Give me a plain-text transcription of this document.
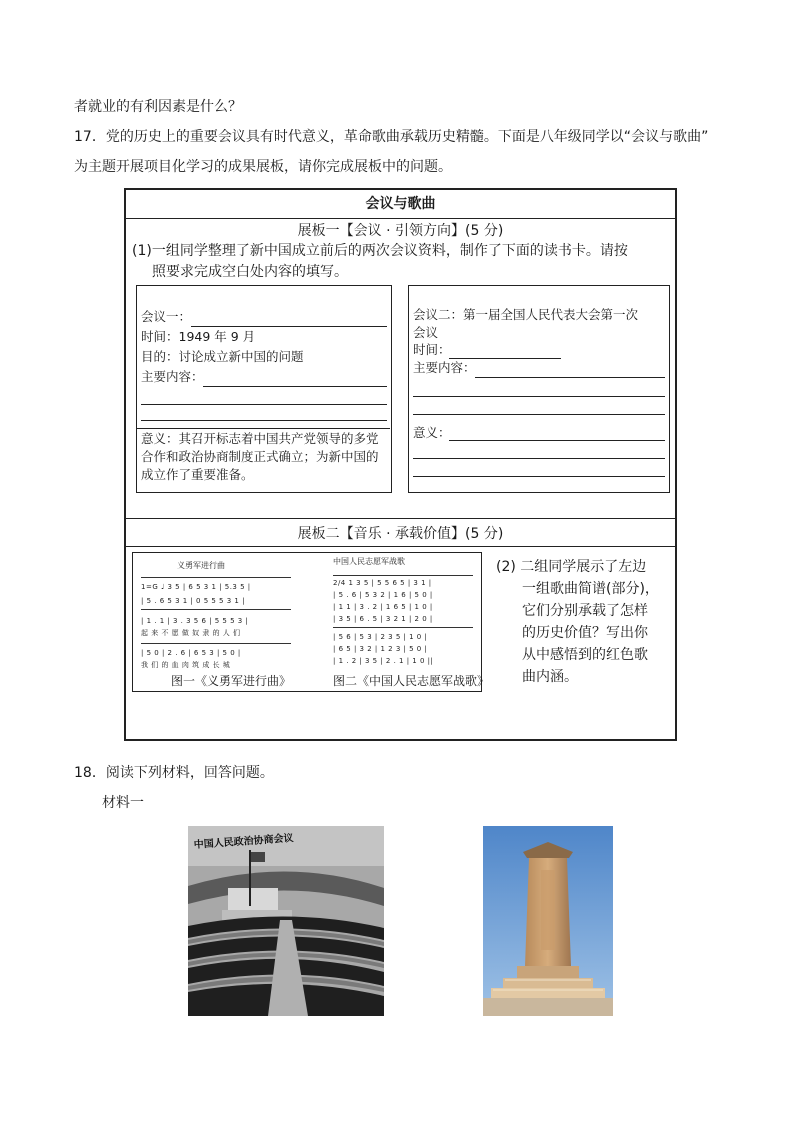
者就业的有利因素是什么？
17．党的历史上的重要会议具有时代意义，革命歌曲承载历史精髓。下面是八年级同学以“会议与歌曲”
为主题开展项目化学习的成果展板，请你完成展板中的问题。
会议与歌曲
展板一【会议 · 引领方向】(5 分)
(1)一组同学整理了新中国成立前后的两次会议资料，制作了下面的读书卡。请按
照要求完成空白处内容的填写。
会议一：
时间：1949 年 9 月
目的：讨论成立新中国的问题
主要内容：
意义：其召开标志着中国共产党领导的多党
合作和政治协商制度正式确立；为新中国的
成立作了重要准备。
会议二：第一届全国人民代表大会第一次
会议
时间：
主要内容：
意义：
展板二【音乐 · 承载价值】(5 分)
义勇军进行曲
1=G ♩ 3 5 | 6 5 3 1 | 5.3 5 |
| 5 . 6 5 3 1 | 0 5 5 5 3 1 |
| 1 . 1 | 3 . 3 5 6 | 5 5 5 3 |
起 来 不 愿 做 奴 隶 的 人 们
| 5 0 | 2 . 6 | 6 5 3 | 5 0 |
我 们 的 血 肉 筑 成 长 城
中国人民志愿军战歌
2/4 1 3 5 | 5 5 6 5 | 3 1 |
| 5 . 6 | 5 3 2 | 1 6 | 5 0 |
| 1 1 | 3 . 2 | 1 6 5 | 1 0 |
| 3 5 | 6 . 5 | 3 2 1 | 2 0 |
| 5 6 | 5 3 | 2 3 5 | 1 0 |
| 6 5 | 3 2 | 1 2 3 | 5 0 |
| 1 . 2 | 3 5 | 2 . 1 | 1 0 ||
图一《义勇军进行曲》	图二《中国人民志愿军战歌》
(2) 二组同学展示了左边
一组歌曲简谱(部分)，
它们分别承载了怎样
的历史价值？写出你
从中感悟到的红色歌
曲内涵。
18．阅读下列材料，回答问题。
材料一
中国人民政治协商会议
